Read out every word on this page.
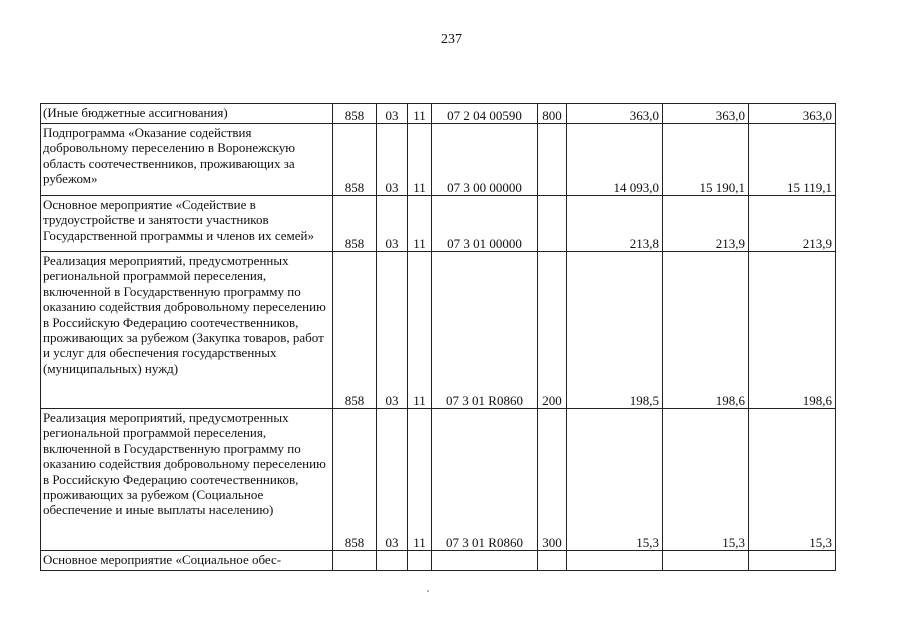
237
(Иные бюджетные ассигнования)	858	03	11	07 2 04 00590	800	363,0	363,0	363,0
Подпрограмма «Оказание содействия добровольному переселению в Воронежскую область соотечественников, проживающих за рубежом»	858	03	11	07 3 00 00000		14 093,0	15 190,1	15 119,1
Основное мероприятие «Содействие в трудоустройстве и занятости участников Государственной программы и членов их семей»	858	03	11	07 3 01 00000		213,8	213,9	213,9
Реализация мероприятий, предусмотренных региональной программой переселения, включенной в Государственную программу по оказанию содействия добровольному переселению в Российскую Федерацию соотечественников, проживающих за рубежом (Закупка товаров, работ и услуг для обеспечения государственных (муниципальных) нужд)	858	03	11	07 3 01 R0860	200	198,5	198,6	198,6
Реализация мероприятий, предусмотренных региональной программой переселения, включенной в Государственную программу по оказанию содействия добровольному переселению в Российскую Федерацию соотечественников, проживающих за рубежом (Социальное обеспечение и иные выплаты населению)	858	03	11	07 3 01 R0860	300	15,3	15,3	15,3
Основное мероприятие «Социальное обес-								
